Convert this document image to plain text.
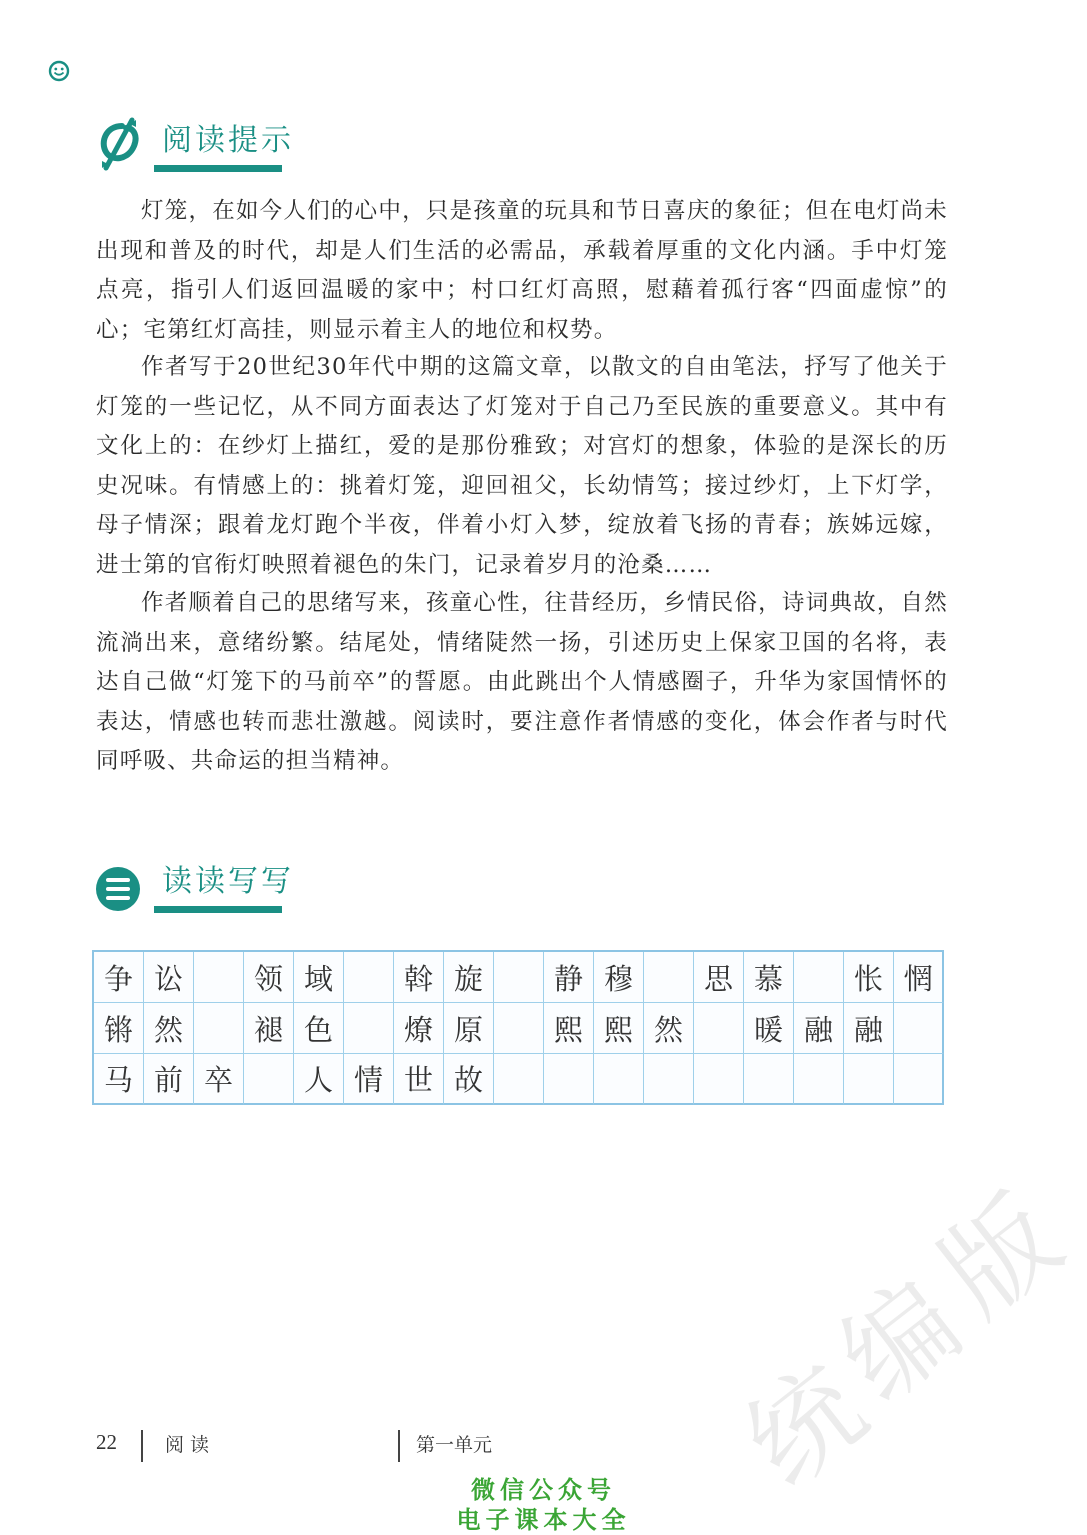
阅读提示

灯笼，在如今人们的心中，只是孩童的玩具和节日喜庆的象征；但在电灯尚未出现和普及的时代，却是人们生活的必需品，承载着厚重的文化内涵。手中灯笼点亮，指引人们返回温暖的家中；村口红灯高照，慰藉着孤行客“四面虚惊”的心；宅第红灯高挂，则显示着主人的地位和权势。

作者写于20世纪30年代中期的这篇文章，以散文的自由笔法，抒写了他关于灯笼的一些记忆，从不同方面表达了灯笼对于自己乃至民族的重要意义。其中有文化上的：在纱灯上描红，爱的是那份雅致；对宫灯的想象，体验的是深长的历史况味。有情感上的：挑着灯笼，迎回祖父，长幼情笃；接过纱灯，上下灯学，母子情深；跟着龙灯跑个半夜，伴着小灯入梦，绽放着飞扬的青春；族姊远嫁，进士第的官衔灯映照着褪色的朱门，记录着岁月的沧桑……

作者顺着自己的思绪写来，孩童心性，往昔经历，乡情民俗，诗词典故，自然流淌出来，意绪纷繁。结尾处，情绪陡然一扬，引述历史上保家卫国的名将，表达自己做“灯笼下的马前卒”的誓愿。由此跳出个人情感圈子，升华为家国情怀的表达，情感也转而悲壮激越。阅读时，要注意作者情感的变化，体会作者与时代同呼吸、共命运的担当精神。

读读写写
争 讼	领 域	斡 旋	静 穆	思 慕	怅 惘
锵 然	褪 色	燎 原	熙 熙 然	暖 融 融
马 前 卒	人 情 世 故
统
编
版
22	阅读	第一单元
微信公众号
电子课本大全
